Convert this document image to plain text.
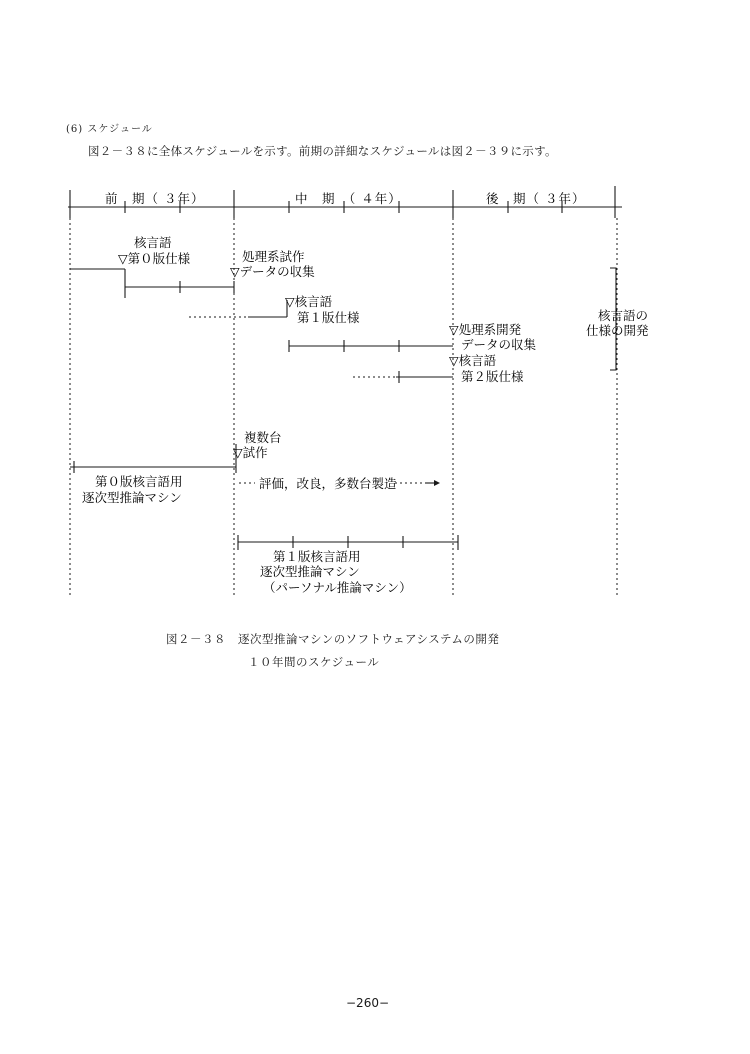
(6) スケジュール
図２－３８に全体スケジュールを示す。前期の詳細なスケジュールは図２－３９に示す。
前　期（ ３年）	中　期　（ ４年）	後　期（ ３年）
核言語
▽第０版仕様	処理系試作
▽データの収集
▽核言語
第１版仕様
▽処理系開発
データの収集
▽核言語
第２版仕様
核言語の
仕様の開発
複数台
▽試作
評価，改良，多数台製造
第０版核言語用
逐次型推論マシン
第１版核言語用
逐次型推論マシン
（パーソナル推論マシン）
図２－３８　逐次型推論マシンのソフトウェアシステムの開発
１０年間のスケジュール
−260−
